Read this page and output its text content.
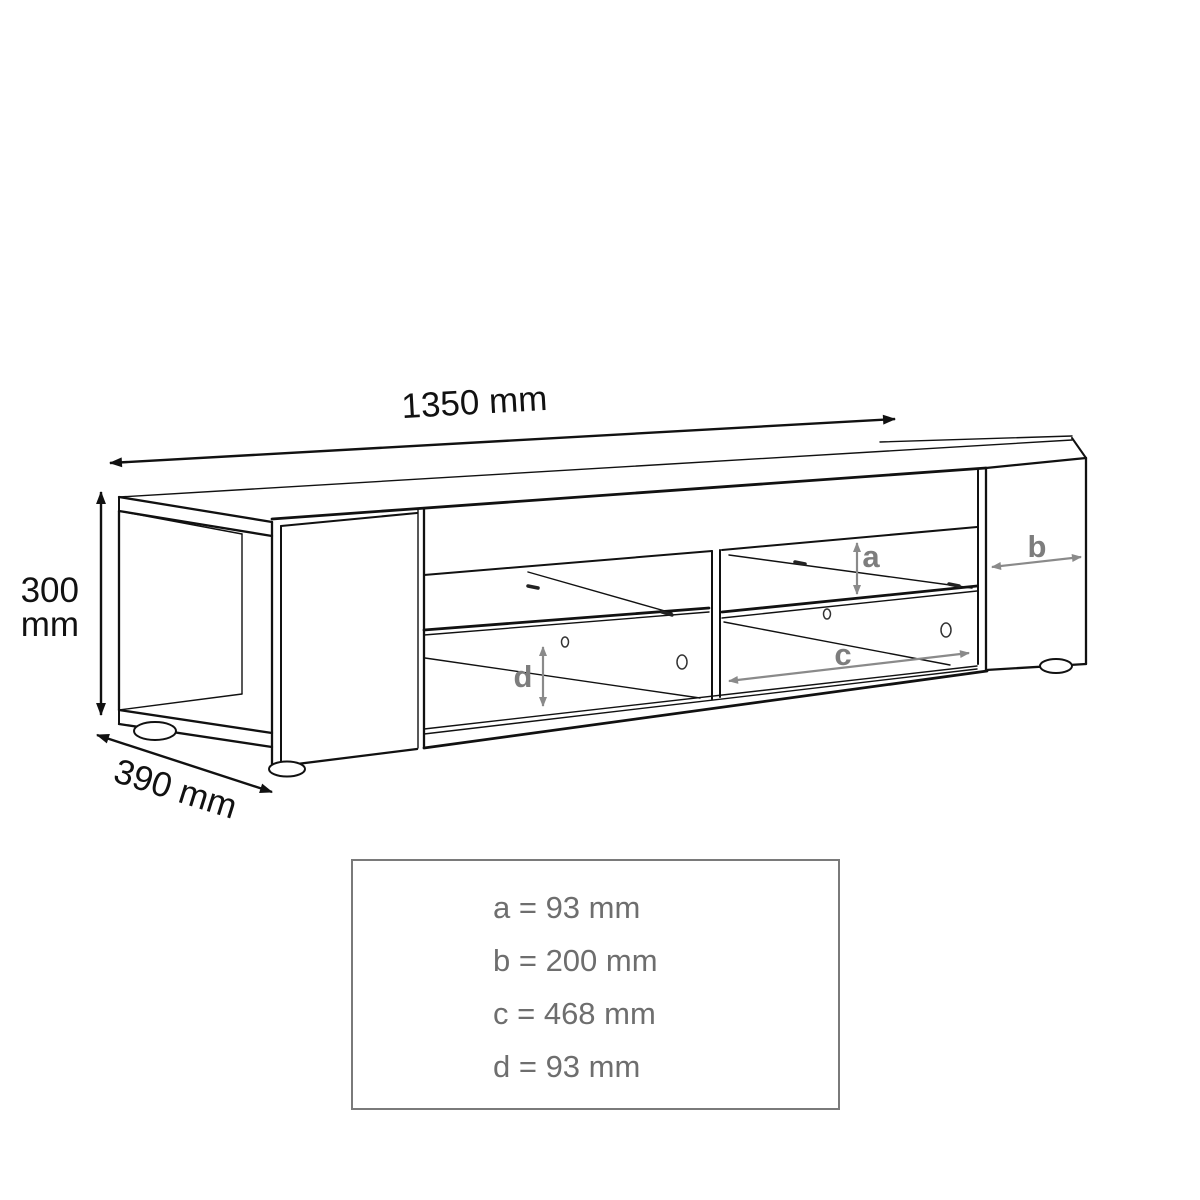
1350 mm
300
mm
390 mm
a	b
c
d
a = 93 mm
b = 200 mm
c = 468 mm
d = 93 mm
